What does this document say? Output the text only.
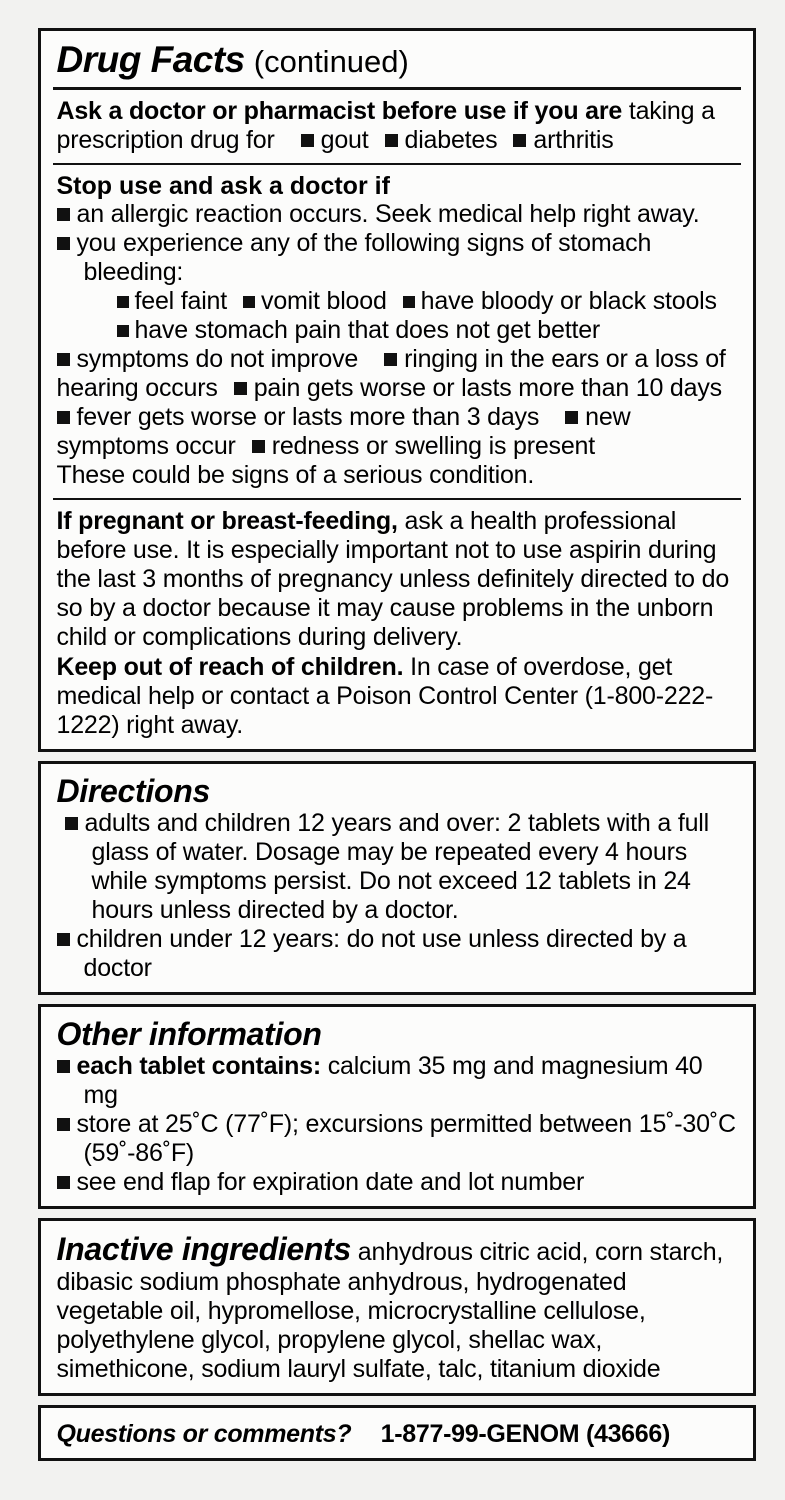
Drug Facts (continued)
Ask a doctor or pharmacist before use if you are taking a prescription drug for gout diabetes arthritis
Stop use and ask a doctor if
an allergic reaction occurs. Seek medical help right away.
you experience any of the following signs of stomach bleeding:
feel faint vomit blood have bloody or black stools
have stomach pain that does not get better
symptoms do not improve ringing in the ears or a loss of hearing occurs pain gets worse or lasts more than 10 days
fever gets worse or lasts more than 3 days new symptoms occur redness or swelling is present
These could be signs of a serious condition.
If pregnant or breast-feeding, ask a health professional before use. It is especially important not to use aspirin during the last 3 months of pregnancy unless definitely directed to do so by a doctor because it may cause problems in the unborn child or complications during delivery.
Keep out of reach of children. In case of overdose, get medical help or contact a Poison Control Center (1-800-222-1222) right away.
Directions
adults and children 12 years and over: 2 tablets with a full glass of water. Dosage may be repeated every 4 hours while symptoms persist. Do not exceed 12 tablets in 24 hours unless directed by a doctor.
children under 12 years: do not use unless directed by a doctor
Other information
each tablet contains: calcium 35 mg and magnesium 40 mg
store at 25˚C (77˚F); excursions permitted between 15˚-30˚C (59˚-86˚F)
see end flap for expiration date and lot number
Inactive ingredients anhydrous citric acid, corn starch, dibasic sodium phosphate anhydrous, hydrogenated vegetable oil, hypromellose, microcrystalline cellulose, polyethylene glycol, propylene glycol, shellac wax, simethicone, sodium lauryl sulfate, talc, titanium dioxide
Questions or comments? 1-877-99-GENOM (43666)
